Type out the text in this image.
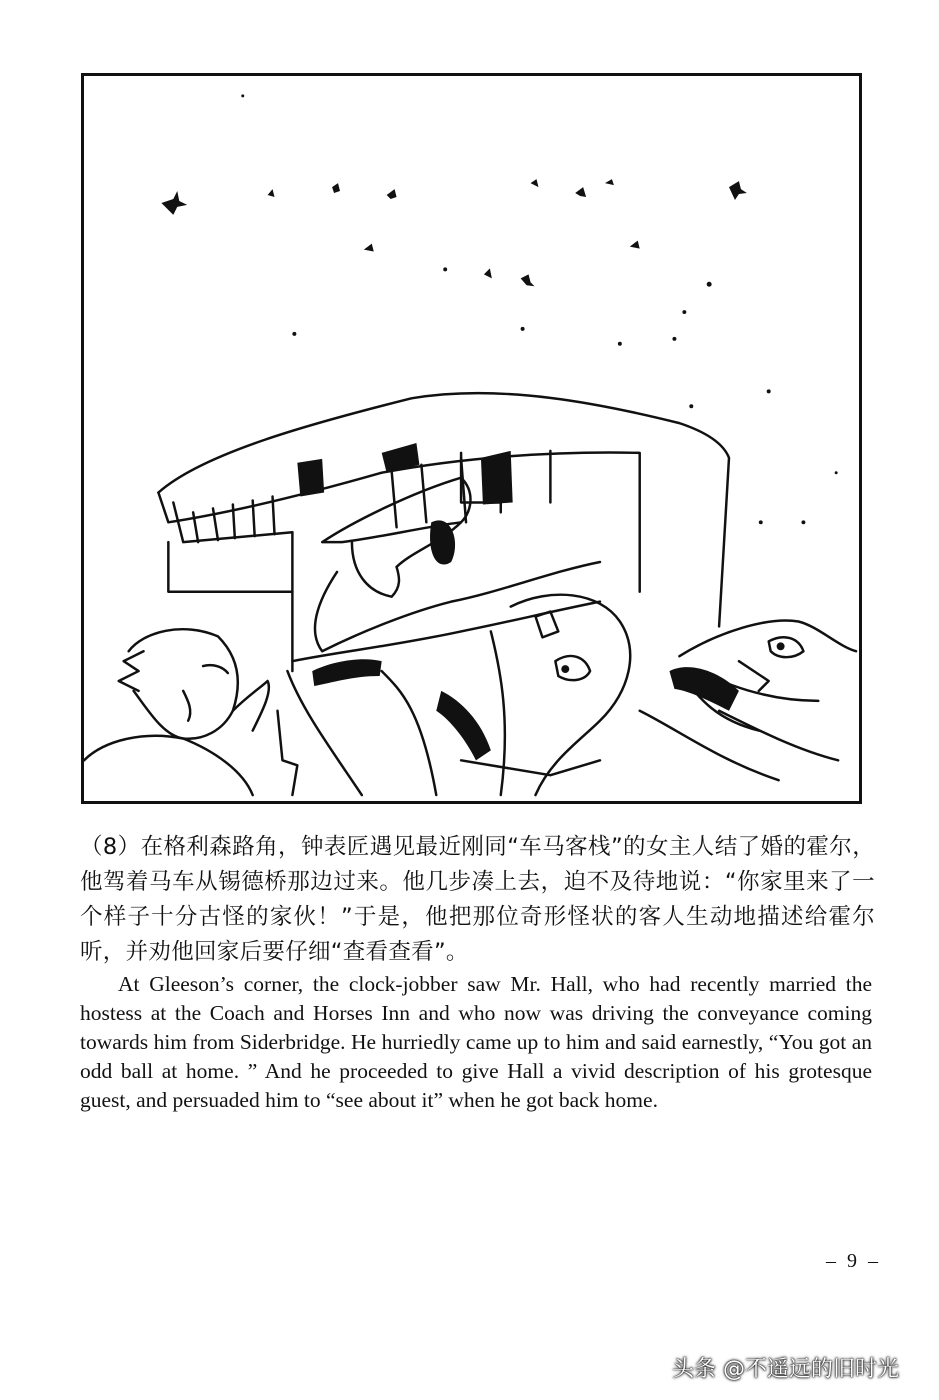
（8）在格利森路角，钟表匠遇见最近刚同“车马客栈”的女主人结了婚的霍尔，他驾着马车从锡德桥那边过来。他几步凑上去，迫不及待地说：“你家里来了一个样子十分古怪的家伙！”于是，他把那位奇形怪状的客人生动地描述给霍尔听，并劝他回家后要仔细“查看查看”。

At Gleeson’s corner, the clock-jobber saw Mr. Hall, who had recently married the hostess at the Coach and Horses Inn and who now was driving the conveyance coming towards him from Siderbridge. He hurriedly came up to him and said earnestly, “You got an odd ball at home. ” And he proceeded to give Hall a vivid description of his grotesque guest, and persuaded him to “see about it” when he got back home.

– 9 –
头条 @不遥远的旧时光
